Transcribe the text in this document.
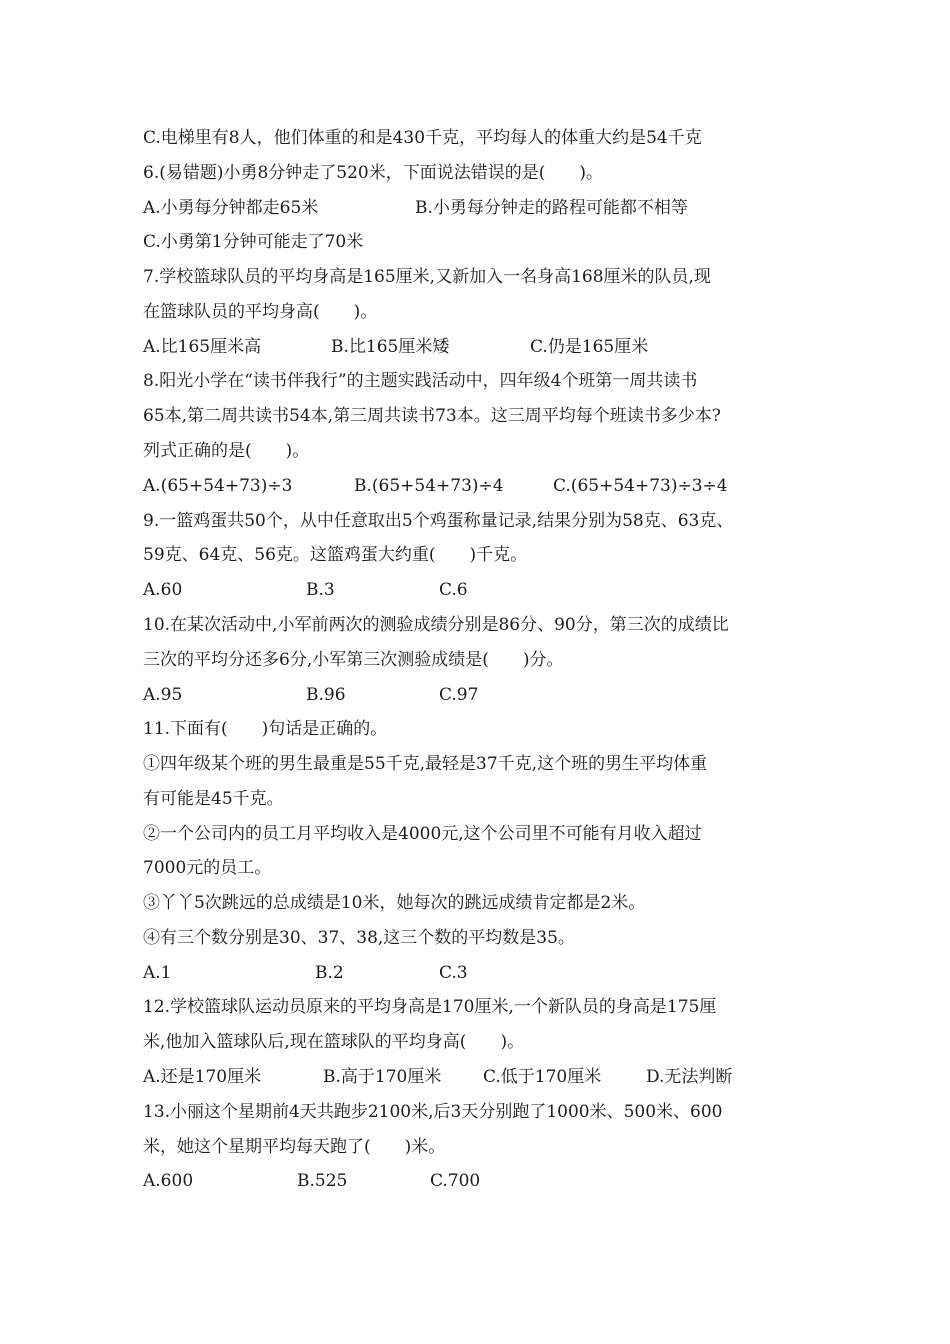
C.电梯里有8人，他们体重的和是430千克，平均每人的体重大约是54千克
6.(易错题)小勇8分钟走了520米，下面说法错误的是(　　)。
A.小勇每分钟都走65米	B.小勇每分钟走的路程可能都不相等
C.小勇第1分钟可能走了70米
7.学校篮球队员的平均身高是165厘米,又新加入一名身高168厘米的队员,现
在篮球队员的平均身高(　　)。
A.比165厘米高	B.比165厘米矮	C.仍是165厘米
8.阳光小学在“读书伴我行”的主题实践活动中，四年级4个班第一周共读书
65本,第二周共读书54本,第三周共读书73本。这三周平均每个班读书多少本?
列式正确的是(　　)。
A.(65+54+73)÷3	B.(65+54+73)÷4	C.(65+54+73)÷3÷4
9.一篮鸡蛋共50个，从中任意取出5个鸡蛋称量记录,结果分别为58克、63克、
59克、64克、56克。这篮鸡蛋大约重(　　)千克。
A.60	B.3	C.6
10.在某次活动中,小军前两次的测验成绩分别是86分、90分，第三次的成绩比
三次的平均分还多6分,小军第三次测验成绩是(　　)分。
A.95	B.96	C.97
11.下面有(　　)句话是正确的。
①四年级某个班的男生最重是55千克,最轻是37千克,这个班的男生平均体重
有可能是45千克。
②一个公司内的员工月平均收入是4000元,这个公司里不可能有月收入超过
7000元的员工。
③丫丫5次跳远的总成绩是10米，她每次的跳远成绩肯定都是2米。
④有三个数分别是30、37、38,这三个数的平均数是35。
A.1	B.2	C.3
12.学校篮球队运动员原来的平均身高是170厘米,一个新队员的身高是175厘
米,他加入篮球队后,现在篮球队的平均身高(　　)。
A.还是170厘米	B.高于170厘米 C.低于170厘米	D.无法判断
13.小丽这个星期前4天共跑步2100米,后3天分别跑了1000米、500米、600
米，她这个星期平均每天跑了(　　)米。
A.600	B.525	C.700
